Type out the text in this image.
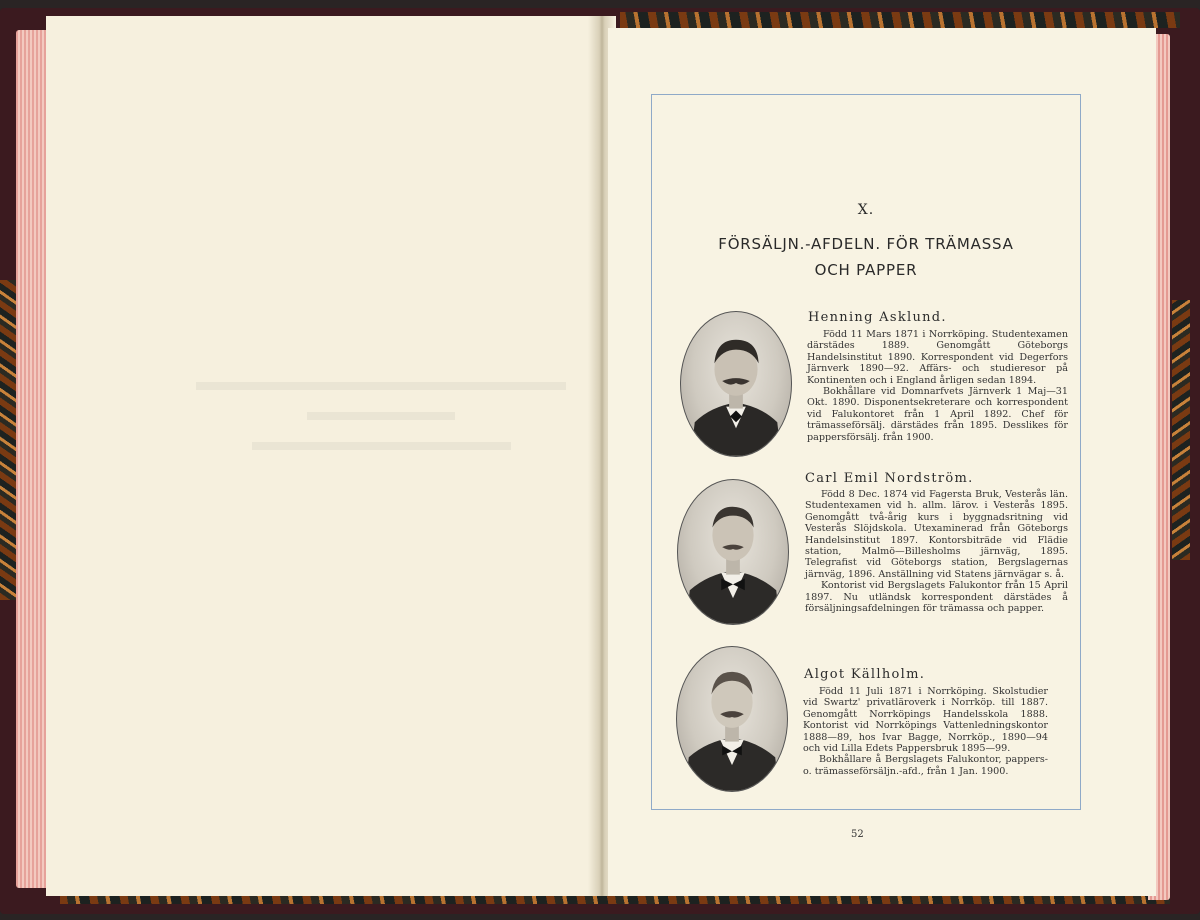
X.
FÖRSÄLJN.-AFDELN. FÖR TRÄMASSA
OCH PAPPER
Henning Asklund.

Född 11 Mars 1871 i Norrköping. Studentexamen därstädes 1889. Genomgått Göteborgs Handelsinstitut 1890. Korrespondent vid Degerfors Järnverk 1890—92. Affärs- och studieresor på Kontinenten och i England årligen sedan 1894.

Bokhållare vid Domnarfvets Järnverk 1 Maj—31 Okt. 1890. Disponentsekreterare och korrespondent vid Falukontoret från 1 April 1892. Chef för trämasseförsälj. därstädes från 1895. Desslikes för pappersförsälj. från 1900.

Carl Emil Nordström.

Född 8 Dec. 1874 vid Fagersta Bruk, Vesterås län. Studentexamen vid h. allm. lärov. i Vesterås 1895. Genomgått två-årig kurs i byggnadsritning vid Vesterås Slöjdskola. Utexaminerad från Göteborgs Handelsinstitut 1897. Kontorsbiträde vid Flädie station, Malmö—Billesholms järnväg, 1895. Telegrafist vid Göteborgs station, Bergslagernas järnväg, 1896. Anställning vid Statens järnvägar s. å.

Kontorist vid Bergslagets Falukontor från 15 April 1897. Nu utländsk korrespondent därstädes å försäljningsafdelningen för trämassa och papper.

Algot Källholm.

Född 11 Juli 1871 i Norrköping. Skolstudier vid Swartz' privatläroverk i Norrköp. till 1887. Genomgått Norrköpings Handelsskola 1888. Kontorist vid Norrköpings Vattenledningskontor 1888—89, hos Ivar Bagge, Norrköp., 1890—94 och vid Lilla Edets Pappersbruk 1895—99.

Bokhållare å Bergslagets Falukontor, pappers- o. trämasseförsäljn.-afd., från 1 Jan. 1900.

52
